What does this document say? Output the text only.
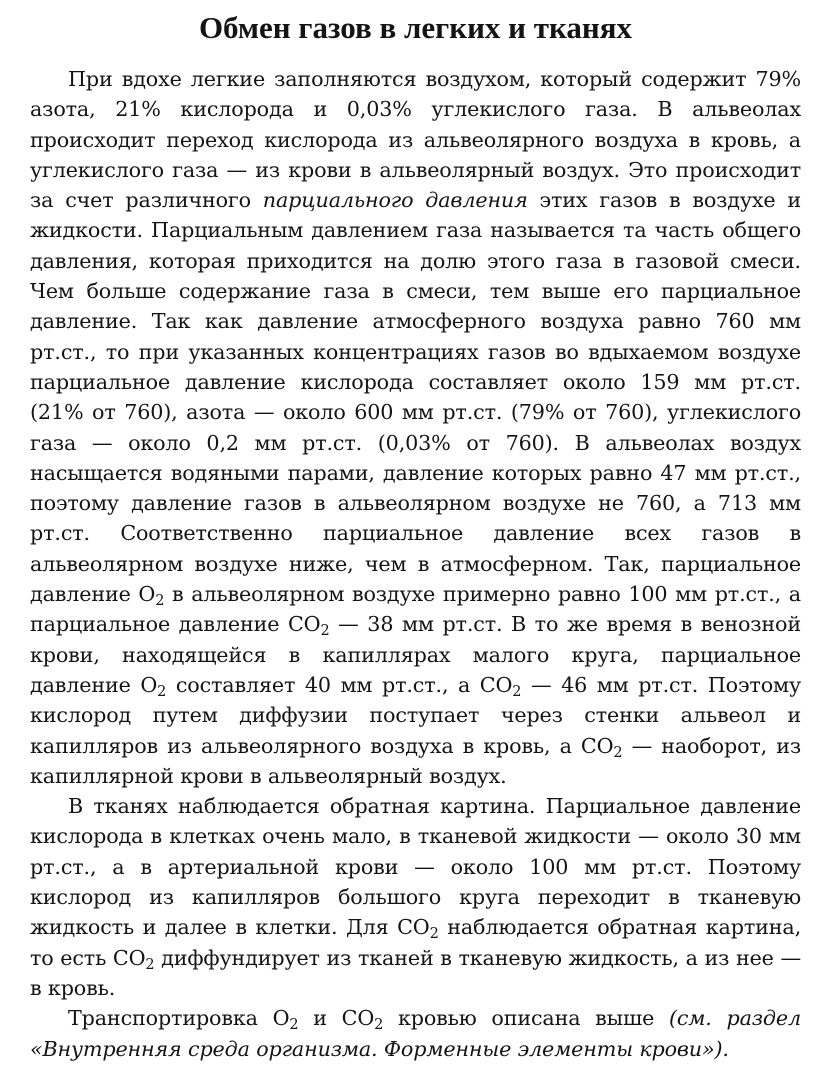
Обмен газов в легких и тканях

При вдохе легкие заполняются воздухом, который содержит 79% азота, 21% кислорода и 0,03% углекислого газа. В альвеолах происходит переход кислорода из альвеолярного воздуха в кровь, а углекислого газа — из крови в альвеолярный воздух. Это происходит за счет различного парциального давления этих газов в воздухе и жидкости. Парциальным давлением газа называется та часть общего давления, которая приходится на долю этого газа в газовой смеси. Чем больше содержание газа в смеси, тем выше его парциальное давление. Так как давление атмосферного воздуха равно 760 мм рт.ст., то при указанных концентрациях газов во вдыхаемом воздухе парциальное давление кислорода составляет около 159 мм рт.ст. (21% от 760), азота — около 600 мм рт.ст. (79% от 760), углекислого газа — около 0,2 мм рт.ст. (0,03% от 760). В альвеолах воздух насыщается водяными парами, давление которых равно 47 мм рт.ст., поэтому давление газов в альвеолярном воздухе не 760, а 713 мм рт.ст. Соответственно парциальное давление всех газов в альвеолярном воздухе ниже, чем в атмосферном. Так, парциальное давление $O_2$ в альвеолярном воздухе примерно равно 100 мм рт.ст., а парциальное давление $CO_2$ — 38 мм рт.ст. В то же время в венозной крови, находящейся в капиллярах малого круга, парциальное давление $O_2$ составляет 40 мм рт.ст., а $CO_2$ — 46 мм рт.ст. Поэтому кислород путем диффузии поступает через стенки альвеол и капилляров из альвеолярного воздуха в кровь, а $CO_2$ — наоборот, из капиллярной крови в альвеолярный воздух.

В тканях наблюдается обратная картина. Парциальное давление кислорода в клетках очень мало, в тканевой жидкости — около 30 мм рт.ст., а в артериальной крови — около 100 мм рт.ст. Поэтому кислород из капилляров большого круга переходит в тканевую жидкость и далее в клетки. Для $CO_2$ наблюдается обратная картина, то есть $CO_2$ диффундирует из тканей в тканевую жидкость, а из нее — в кровь.

Транспортировка $O_2$ и $CO_2$ кровью описана выше (см. раздел «Внутренняя среда организма. Форменные элементы крови»).
